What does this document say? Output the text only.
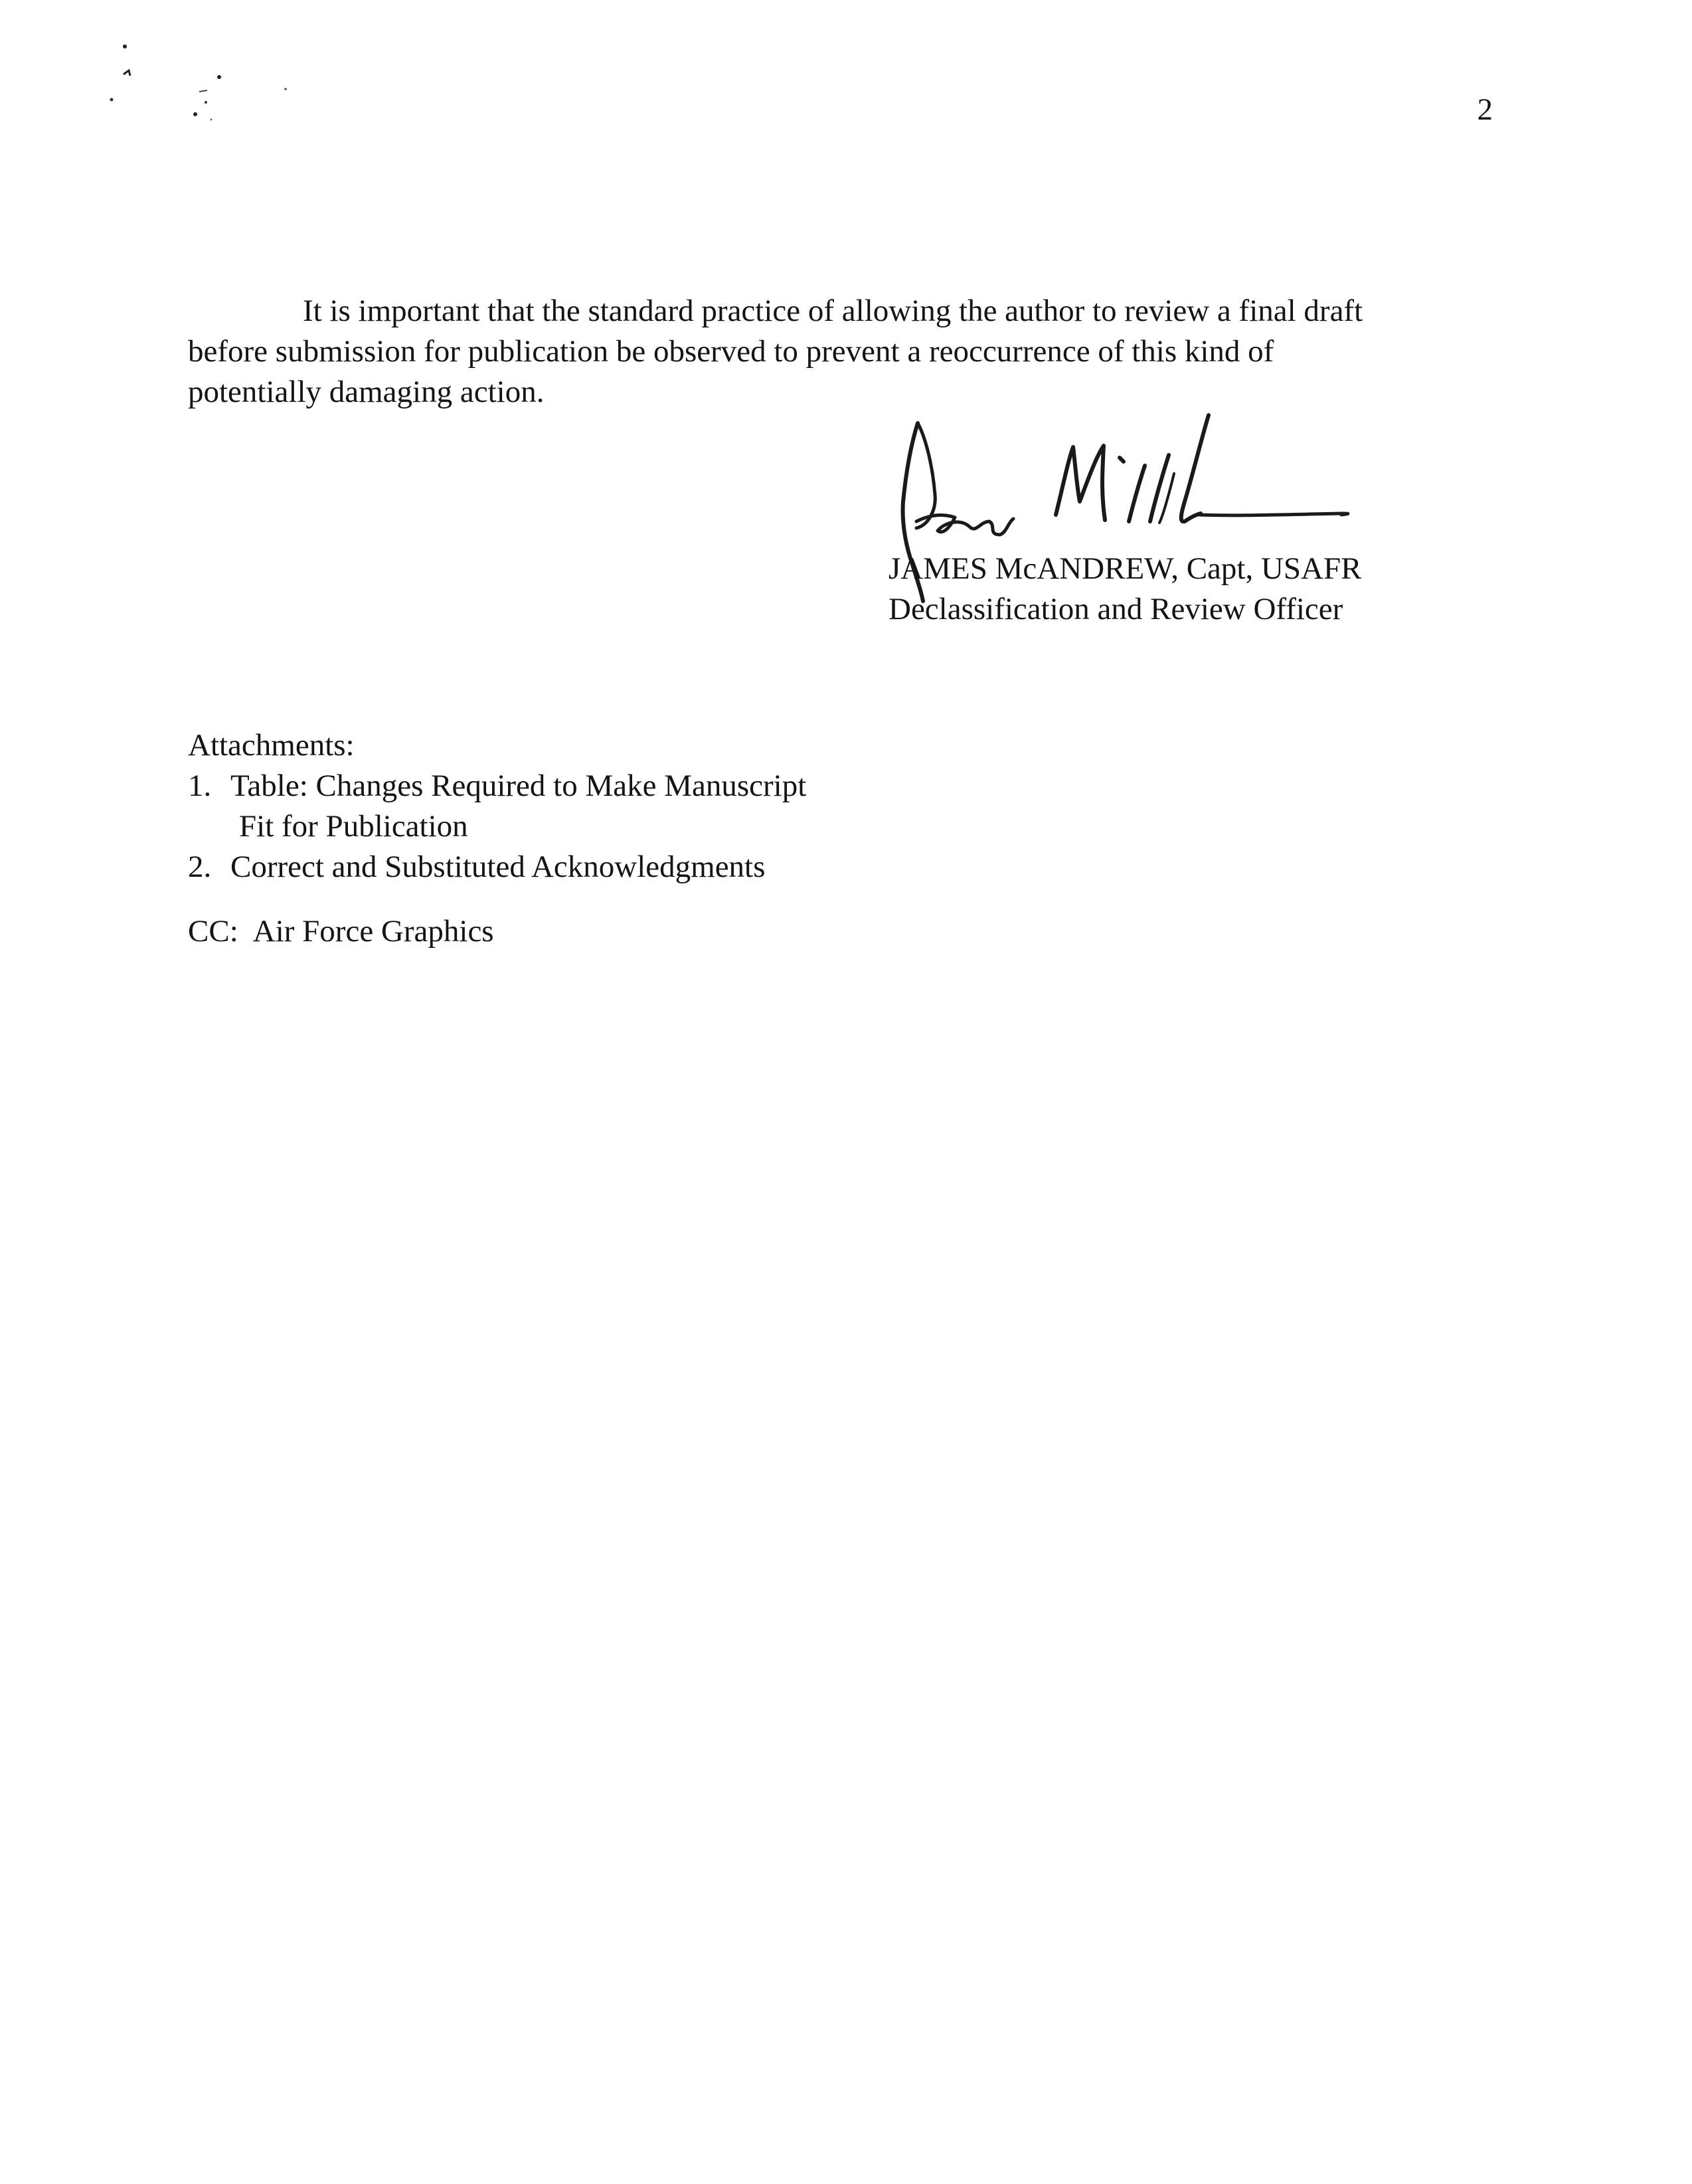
2

It is important that the standard practice of allowing the author to review a final draft
before submission for publication be observed to prevent a reoccurrence of this kind of
potentially damaging action.

JAMES McANDREW, Capt, USAFR
Declassification and Review Officer
Attachments:
1. Table: Changes Required to Make Manuscript
Fit for Publication
2. Correct and Substituted Acknowledgments
CC: Air Force Graphics
